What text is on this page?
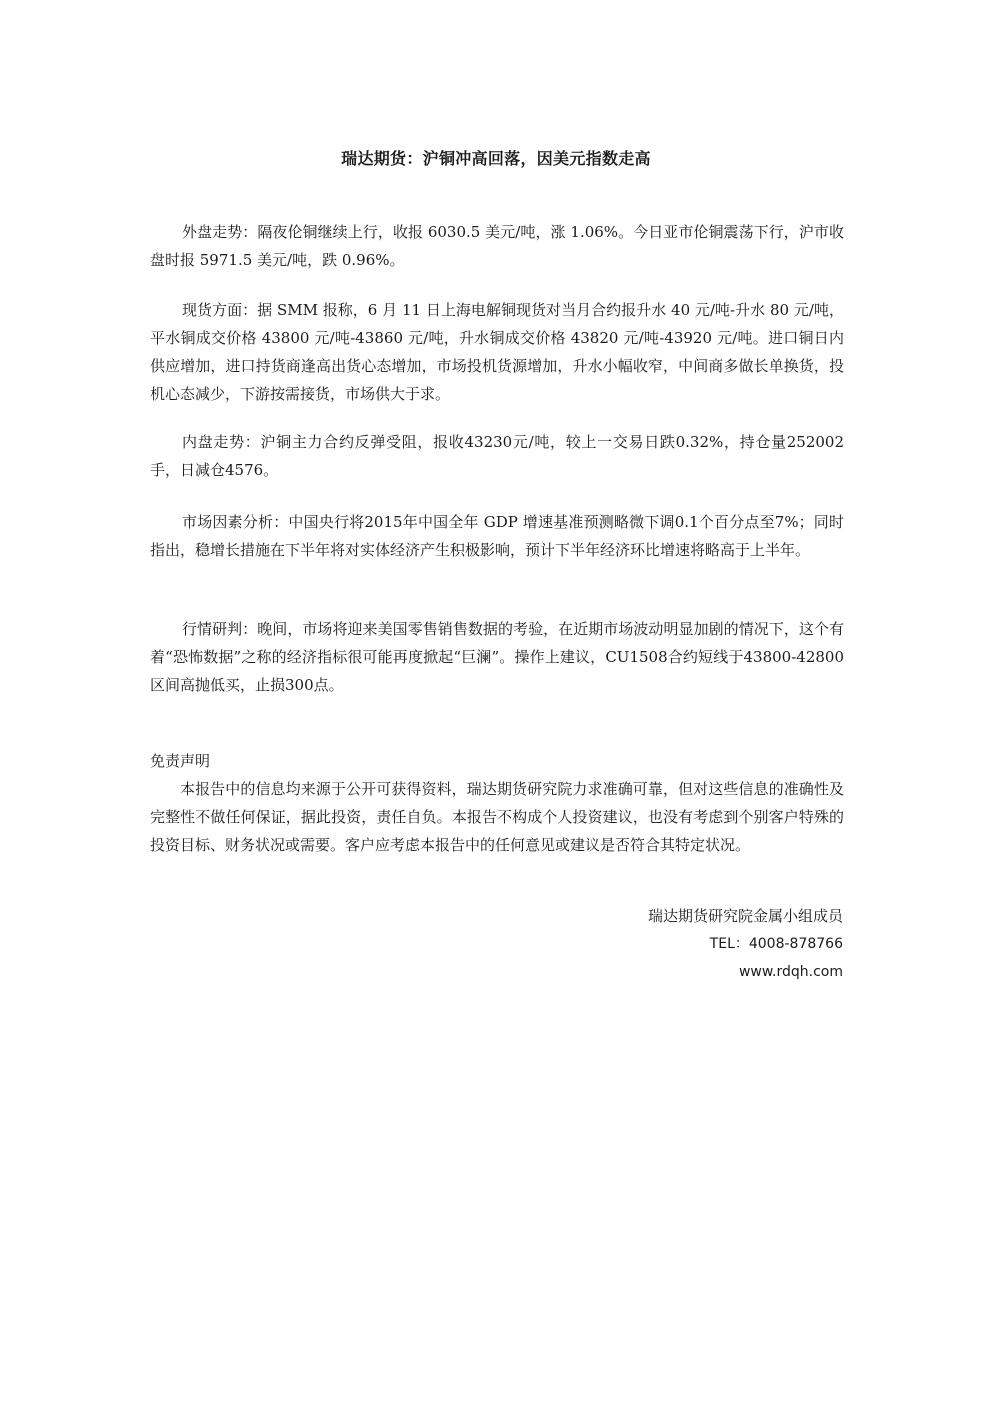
瑞达期货：沪铜冲高回落，因美元指数走高

外盘走势：隔夜伦铜继续上行，收报 6030.5 美元/吨，涨 1.06%。今日亚市伦铜震荡下行，沪市收盘时报 5971.5 美元/吨，跌 0.96%。

现货方面：据 SMM 报称，6 月 11 日上海电解铜现货对当月合约报升水 40 元/吨-升水 80 元/吨，平水铜成交价格 43800 元/吨-43860 元/吨，升水铜成交价格 43820 元/吨-43920 元/吨。进口铜日内供应增加，进口持货商逢高出货心态增加，市场投机货源增加，升水小幅收窄，中间商多做长单换货，投机心态减少，下游按需接货，市场供大于求。

内盘走势：沪铜主力合约反弹受阻，报收43230元/吨，较上一交易日跌0.32%，持仓量252002手，日减仓4576。

市场因素分析：中国央行将2015年中国全年 GDP 增速基准预测略微下调0.1个百分点至7%；同时指出，稳增长措施在下半年将对实体经济产生积极影响，预计下半年经济环比增速将略高于上半年。

行情研判：晚间，市场将迎来美国零售销售数据的考验，在近期市场波动明显加剧的情况下，这个有着“恐怖数据”之称的经济指标很可能再度掀起“巨澜”。操作上建议，CU1508合约短线于43800-42800区间高抛低买，止损300点。

免责声明

本报告中的信息均来源于公开可获得资料，瑞达期货研究院力求准确可靠，但对这些信息的准确性及完整性不做任何保证，据此投资，责任自负。本报告不构成个人投资建议，也没有考虑到个别客户特殊的投资目标、财务状况或需要。客户应考虑本报告中的任何意见或建议是否符合其特定状况。

瑞达期货研究院金属小组成员
TEL：4008-878766
www.rdqh.com
